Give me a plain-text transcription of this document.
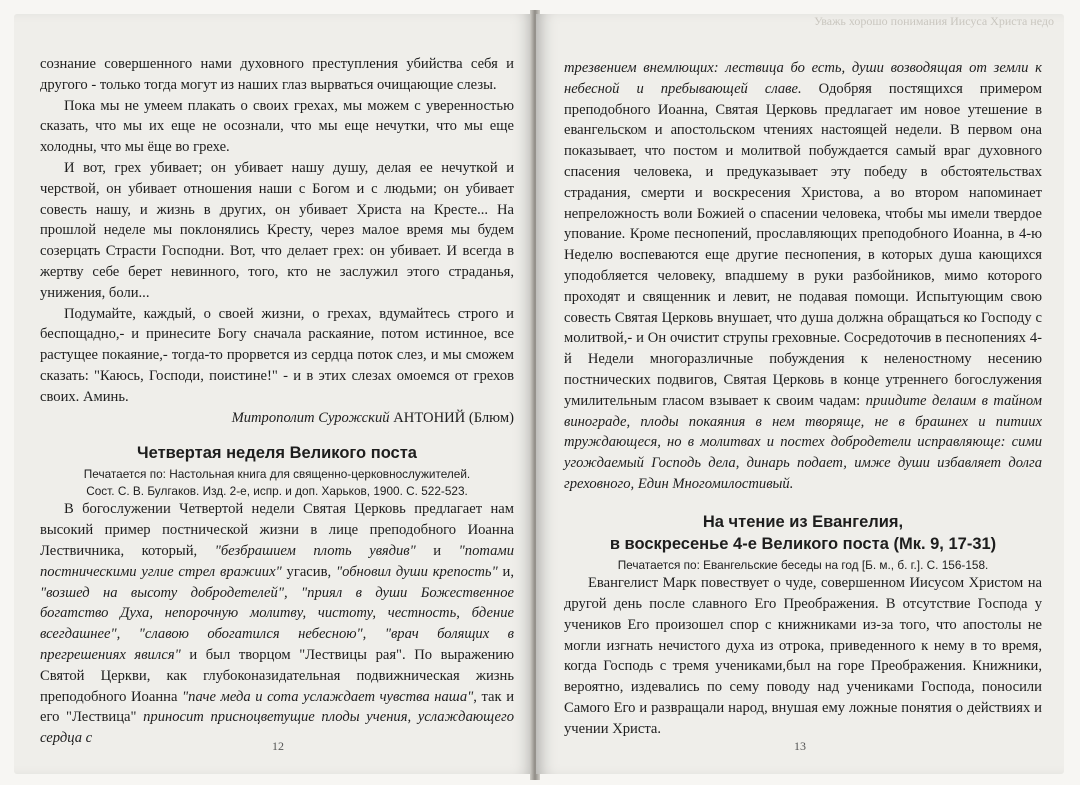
сознание совершенного нами духовного преступления убийства себя и другого - только тогда могут из наших глаз вырваться очищающие слезы.

Пока мы не умеем плакать о своих грехах, мы можем с уверенностью сказать, что мы их еще не осознали, что мы еще нечутки, что мы еще холодны, что мы ёще во грехе.

И вот, грех убивает; он убивает нашу душу, делая ее нечуткой и черствой, он убивает отношения наши с Богом и с людьми; он убивает совесть нашу, и жизнь в других, он убивает Христа на Кресте... На прошлой неделе мы поклонялись Кресту, через малое время мы будем созерцать Страсти Господни. Вот, что делает грех: он убивает. И всегда в жертву себе берет невинного, того, кто не заслужил этого страданья, унижения, боли...

Подумайте, каждый, о своей жизни, о грехах, вдумайтесь строго и беспощадно,- и принесите Богу сначала раскаяние, потом истинное, все растущее покаяние,- тогда-то прорвется из сердца поток слез, и мы сможем сказать: "Каюсь, Господи, поистине!" - и в этих слезах омоемся от грехов своих. Аминь.

Митрополит Сурожский АНТОНИЙ (Блюм)

Четвертая неделя Великого поста
Печатается по: Настольная книга для священно-церковнослужителей.
Сост. С. В. Булгаков. Изд. 2-е, испр. и доп. Харьков, 1900. С. 522-523.

В богослужении Четвертой недели Святая Церковь предлагает нам высокий пример постнической жизни в лице преподобного Иоанна Лествичника, который, "безбрашием плоть увядив" и "потами постническими углие стрел вражиих" угасив, "обновил души крепость" и, "возшед на высоту добродетелей", "приял в души Божественное богатство Духа, непорочную молитву, чистоту, честность, бдение всегдашнее", "славою обогатился небесною", "врач болящих в прегрешениях явился" и был творцом "Лествицы рая". По выражению Святой Церкви, как глубоконазидательная подвижническая жизнь преподобного Иоанна "паче меда и сота услаждает чувства наша", так и его "Лествица" приносит присноцветущие плоды учения, услаждающего сердца с	12
Уважь хорошо понимания Иисуса Христа недо

трезвением внемлющих: лествица бо есть, души возводящая от земли к небесной и пребывающей славе. Одобряя постящихся примером преподобного Иоанна, Святая Церковь предлагает им новое утешение в евангельском и апостольском чтениях настоящей недели. В первом она показывает, что постом и молитвой побуждается самый враг духовного спасения человека, и предуказывает эту победу в обстоятельствах страдания, смерти и воскресения Христова, а во втором напоминает непреложность воли Божией о спасении человека, чтобы мы имели твердое упование. Кроме песнопений, прославляющих преподобного Иоанна, в 4-ю Неделю воспеваются еще другие песнопения, в которых душа кающихся уподобляется человеку, впадшему в руки разбойников, мимо которого проходят и священник и левит, не подавая помощи. Испытующим свою совесть Святая Церковь внушает, что душа должна обращаться ко Господу с молитвой,- и Он очистит струпы греховные. Сосредоточив в песнопениях 4-й Недели многоразличные побуждения к неленостному несению постнических подвигов, Святая Церковь в конце утреннего богослужения умилительным гласом взывает к своим чадам: приидите делаим в тайном винограде, плоды покаяния в нем творяще, не в брашнех и питиих труждающеся, но в молитвах и постех добродетели исправляюще: сими угождаемый Господь дела, динарь подает, имже души избавляет долга греховного, Един Многомилостивый.

На чтение из Евангелия,
в воскресенье 4-е Великого поста (Мк. 9, 17-31)
Печатается по: Евангельские беседы на год [Б. м., б. г.]. С. 156-158.

Евангелист Марк повествует о чуде, совершенном Иисусом Христом на другой день после славного Его Преображения. В отсутствие Господа у учеников Его произошел спор с книжниками из-за того, что апостолы не могли изгнать нечистого духа из отрока, приведенного к нему в то время, когда Господь с тремя учениками,был на горе Преображения. Книжники, вероятно, издевались по сему поводу над учениками Господа, поносили Самого Его и развращали народ, внушая ему ложные понятия о действиях и учении Христа.

13
